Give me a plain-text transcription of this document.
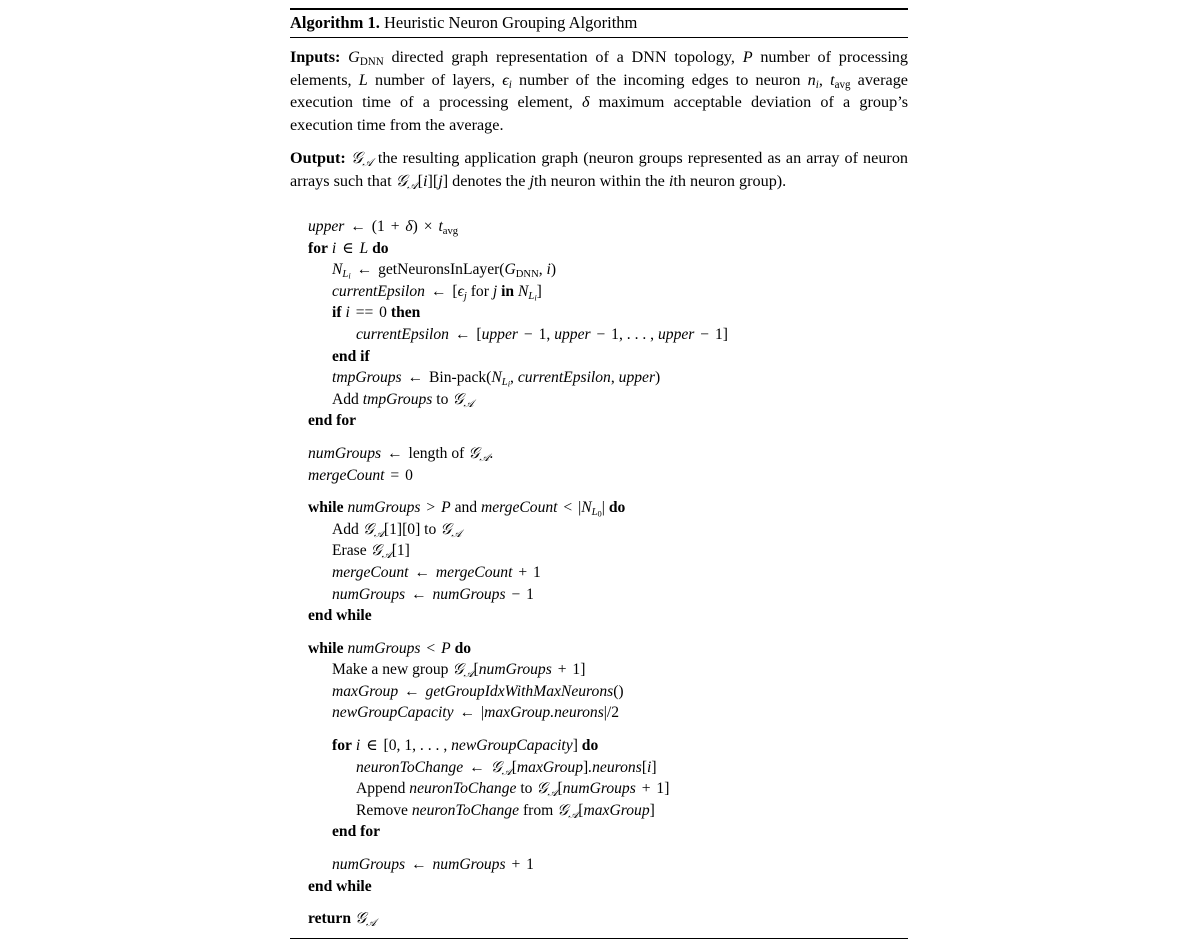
Algorithm 1. Heuristic Neuron Grouping Algorithm
Inputs: $G_{DNN}$ directed graph representation of a DNN topology, P number of processing elements, L number of layers, $\epsilon_i$ number of the incoming edges to neuron $n_i$, $t_{avg}$ average execution time of a processing element, δ maximum acceptable deviation of a group’s execution time from the average.
Output: 𝒢$_𝒜$ the resulting application graph (neuron groups represented as an array of neuron arrays such that 𝒢$_𝒜$[i][j] denotes the jth neuron within the ith neuron group).
upper ← $(1 + \delta) \times t_{avg}$
for i ∈ L do
$N_{L_i}$ ← $getNeuronsInLayer(G_{DNN}$, i)
currentEpsilon ← [$\epsilon_j$ for j in $N_{L_i}$]
if i == 0 then
currentEpsilon ← [upper − 1, upper − 1, . . . , upper − 1]
end if
tmpGroups ← Bin-$pack(N_{L_i}$, currentEpsilon, upper)
Add tmpGroups to 𝒢$_𝒜$
end for
numGroups ← length of 𝒢$_𝒜$.
mergeCount = 0
while numGroups > P and mergeCount < $|N_{L_0}|$ do
Add 𝒢$_𝒜$[1][0] to 𝒢$_𝒜$
Erase 𝒢$_𝒜$[1]
mergeCount ← mergeCount + 1
numGroups ← numGroups − 1
end while
while numGroups < P do
Make a new group 𝒢$_𝒜$[numGroups + 1]
maxGroup ← getGroupIdxWithMaxNeurons()
newGroupCapacity ← |maxGroup.neurons|/2
for i ∈ [0, 1, . . . , newGroupCapacity] do
neuronToChange ← 𝒢$_𝒜$[maxGroup].neurons[i]
Append neuronToChange to 𝒢$_𝒜$[numGroups + 1]
Remove neuronToChange from 𝒢$_𝒜$[maxGroup]
end for
numGroups ← numGroups + 1
end while
return 𝒢$_𝒜$
